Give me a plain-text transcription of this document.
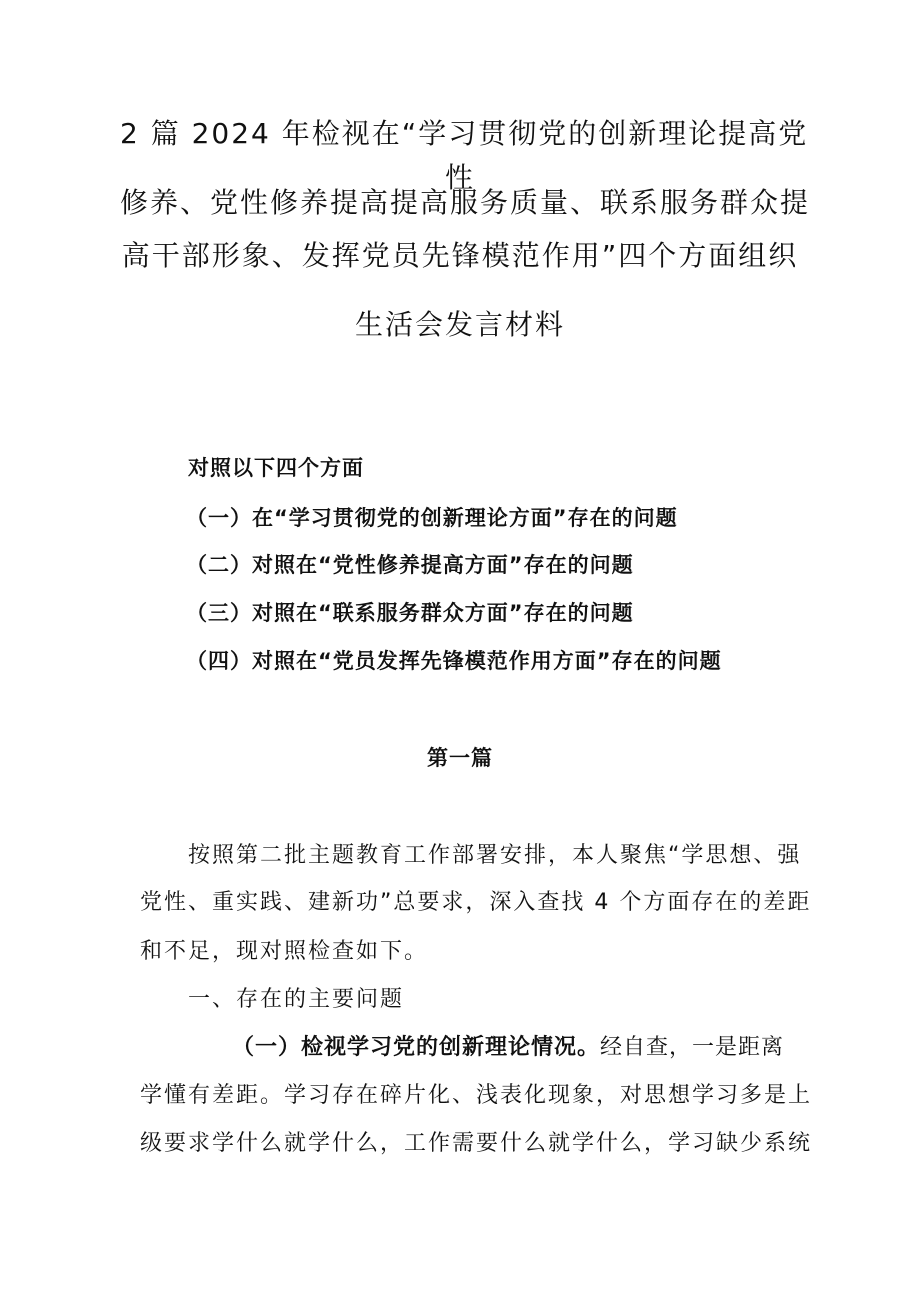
2 篇 2024 年检视在“学习贯彻党的创新理论提高党
性
修养、党性修养提高提高服务质量、联系服务群众提
高干部形象、发挥党员先锋模范作用”四个方面组织
生活会发言材料
对照以下四个方面
（一）在“学习贯彻党的创新理论方面”存在的问题
（二）对照在“党性修养提高方面”存在的问题
（三）对照在“联系服务群众方面”存在的问题
（四）对照在“党员发挥先锋模范作用方面”存在的问题
第一篇
按照第二批主题教育工作部署安排，本人聚焦“学思想、强
党性、重实践、建新功”总要求，深入查找 4 个方面存在的差距
和不足，现对照检查如下。
一、存在的主要问题
（一）检视学习党的创新理论情况。经自查，一是距离
学懂有差距。学习存在碎片化、浅表化现象，对思想学习多是上
级要求学什么就学什么，工作需要什么就学什么，学习缺少系统
